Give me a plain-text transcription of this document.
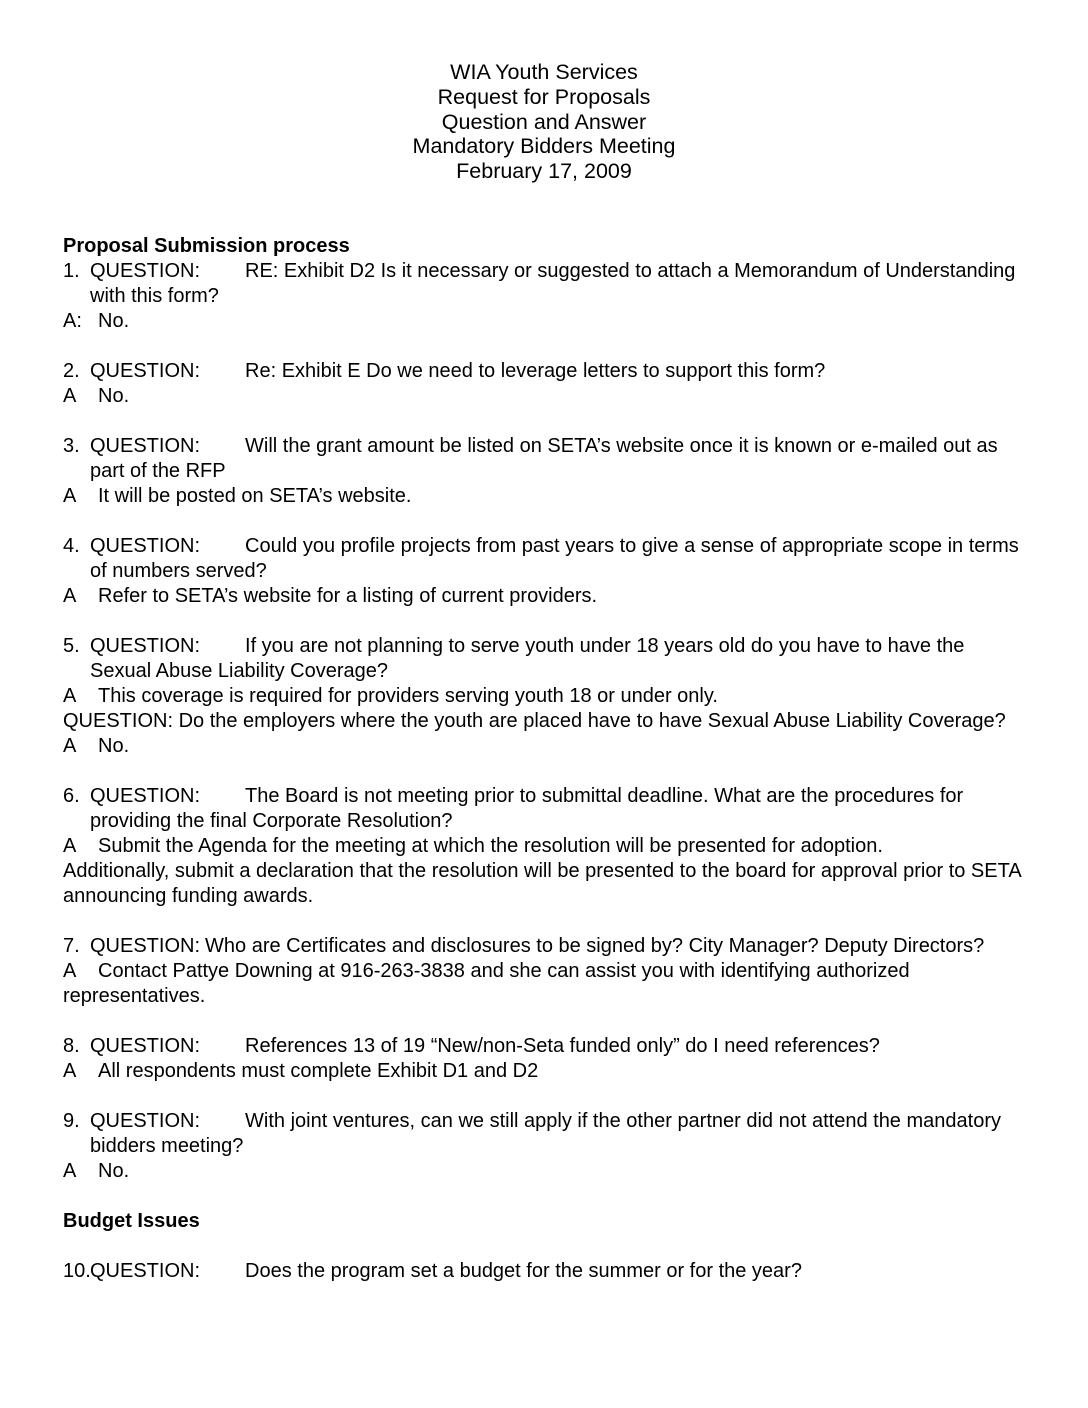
WIA Youth Services
Request for Proposals
Question and Answer
Mandatory Bidders Meeting
February 17, 2009
Proposal Submission process
1. QUESTION: RE: Exhibit D2 Is it necessary or suggested to attach a Memorandum of Understanding with this form?
A: No.
2. QUESTION: Re: Exhibit E Do we need to leverage letters to support this form?
A No.
3. QUESTION: Will the grant amount be listed on SETA’s website once it is known or e-mailed out as part of the RFP
A It will be posted on SETA’s website.
4. QUESTION: Could you profile projects from past years to give a sense of appropriate scope in terms of numbers served?
A Refer to SETA’s website for a listing of current providers.
5. QUESTION: If you are not planning to serve youth under 18 years old do you have to have the Sexual Abuse Liability Coverage?
A This coverage is required for providers serving youth 18 or under only.
QUESTION: Do the employers where the youth are placed have to have Sexual Abuse Liability Coverage?
A No.
6. QUESTION: The Board is not meeting prior to submittal deadline. What are the procedures for providing the final Corporate Resolution?
A Submit the Agenda for the meeting at which the resolution will be presented for adoption.
Additionally, submit a declaration that the resolution will be presented to the board for approval prior to SETA announcing funding awards.
7. QUESTION: Who are Certificates and disclosures to be signed by? City Manager? Deputy Directors?
A Contact Pattye Downing at 916-263-3838 and she can assist you with identifying authorized
representatives.
8. QUESTION: References 13 of 19 “New/non-Seta funded only” do I need references?
A All respondents must complete Exhibit D1 and D2
9. QUESTION: With joint ventures, can we still apply if the other partner did not attend the mandatory bidders meeting?
A No.
Budget Issues
10. QUESTION: Does the program set a budget for the summer or for the year?
